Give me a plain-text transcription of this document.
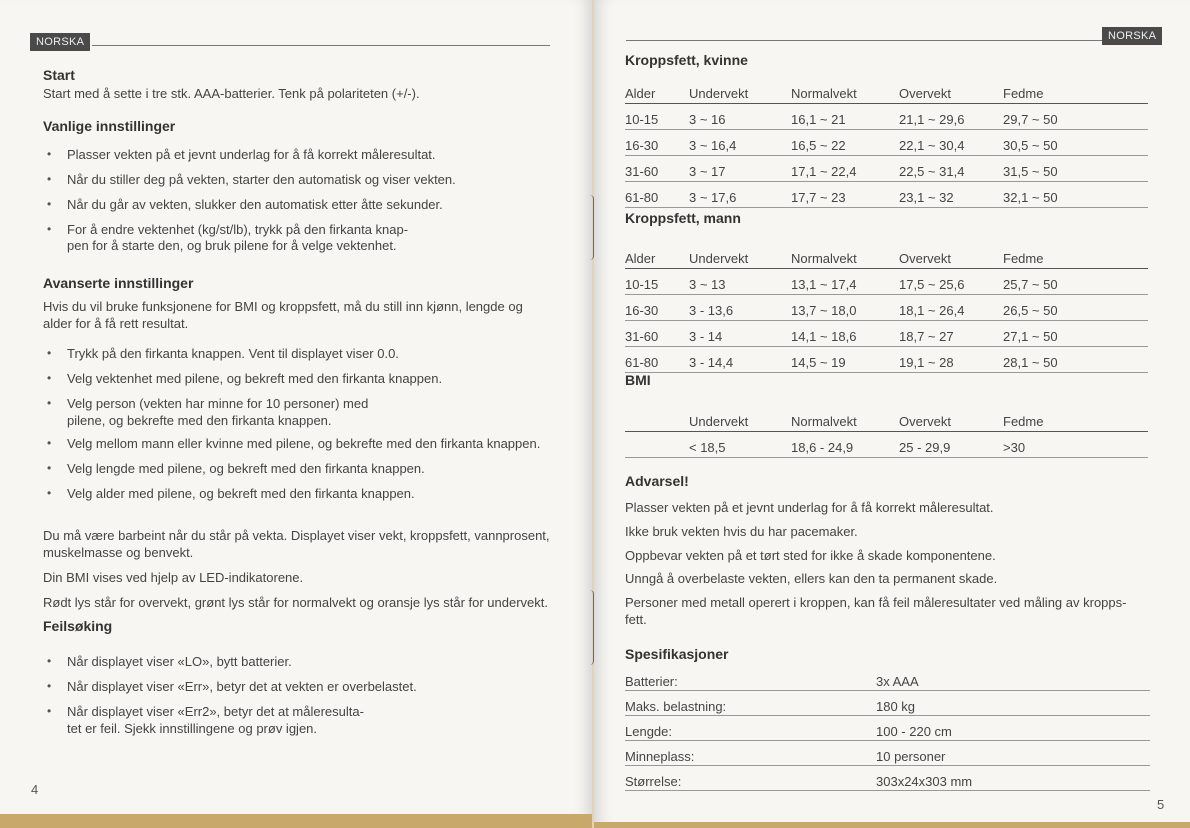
NORSKA
Start
Start med å sette i tre stk. AAA-batterier. Tenk på polariteten (+/-).
Vanlige innstillinger
• Plasser vekten på et jevnt underlag for å få korrekt måleresultat.
• Når du stiller deg på vekten, starter den automatisk og viser vekten.
• Når du går av vekten, slukker den automatisk etter åtte sekunder.
• For å endre vektenhet (kg/st/lb), trykk på den firkanta knap-
pen for å starte den, og bruk pilene for å velge vektenhet.
Avanserte innstillinger
Hvis du vil bruke funksjonene for BMI og kroppsfett, må du still inn kjønn, lengde og
alder for å få rett resultat.
• Trykk på den firkanta knappen. Vent til displayet viser 0.0.
• Velg vektenhet med pilene, og bekreft med den firkanta knappen.
• Velg person (vekten har minne for 10 personer) med
pilene, og bekrefte med den firkanta knappen.
• Velg mellom mann eller kvinne med pilene, og bekrefte med den firkanta knappen.
• Velg lengde med pilene, og bekreft med den firkanta knappen.
• Velg alder med pilene, og bekreft med den firkanta knappen.
Du må være barbeint når du står på vekta. Displayet viser vekt, kroppsfett, vannprosent,
muskelmasse og benvekt.
Din BMI vises ved hjelp av LED-indikatorene.
Rødt lys står for overvekt, grønt lys står for normalvekt og oransje lys står for undervekt.
Feilsøking
• Når displayet viser «LO», bytt batterier.
• Når displayet viser «Err», betyr det at vekten er overbelastet.
• Når displayet viser «Err2», betyr det at måleresulta-
tet er feil. Sjekk innstillingene og prøv igjen.
4
NORSKA
Kroppsfett, kvinne
Alder	Undervekt	Normalvekt	Overvekt	Fedme
10-15	3 ~ 16	16,1 ~ 21	21,1 ~ 29,6	29,7 ~ 50
16-30	3 ~ 16,4	16,5 ~ 22	22,1 ~ 30,4	30,5 ~ 50
31-60	3 ~ 17	17,1 ~ 22,4	22,5 ~ 31,4	31,5 ~ 50
61-80	3 ~ 17,6	17,7 ~ 23	23,1 ~ 32	32,1 ~ 50
Kroppsfett, mann
Alder	Undervekt	Normalvekt	Overvekt	Fedme
10-15	3 ~ 13	13,1 ~ 17,4	17,5 ~ 25,6	25,7 ~ 50
16-30	3 - 13,6	13,7 ~ 18,0	18,1 ~ 26,4	26,5 ~ 50
31-60	3 - 14	14,1 ~ 18,6	18,7 ~ 27	27,1 ~ 50
61-80	3 - 14,4	14,5 ~ 19	19,1 ~ 28	28,1 ~ 50
BMI
	Undervekt	Normalvekt	Overvekt	Fedme
	< 18,5	18,6 - 24,9	25 - 29,9	>30
Advarsel!
Plasser vekten på et jevnt underlag for å få korrekt måleresultat.
Ikke bruk vekten hvis du har pacemaker.
Oppbevar vekten på et tørt sted for ikke å skade komponentene.
Unngå å overbelaste vekten, ellers kan den ta permanent skade.
Personer med metall operert i kroppen, kan få feil måleresultater ved måling av kropps-
fett.
Spesifikasjoner
Batterier:	3x AAA
Maks. belastning:	180 kg
Lengde:	100 - 220 cm
Minneplass:	10 personer
Størrelse:	303x24x303 mm
5
